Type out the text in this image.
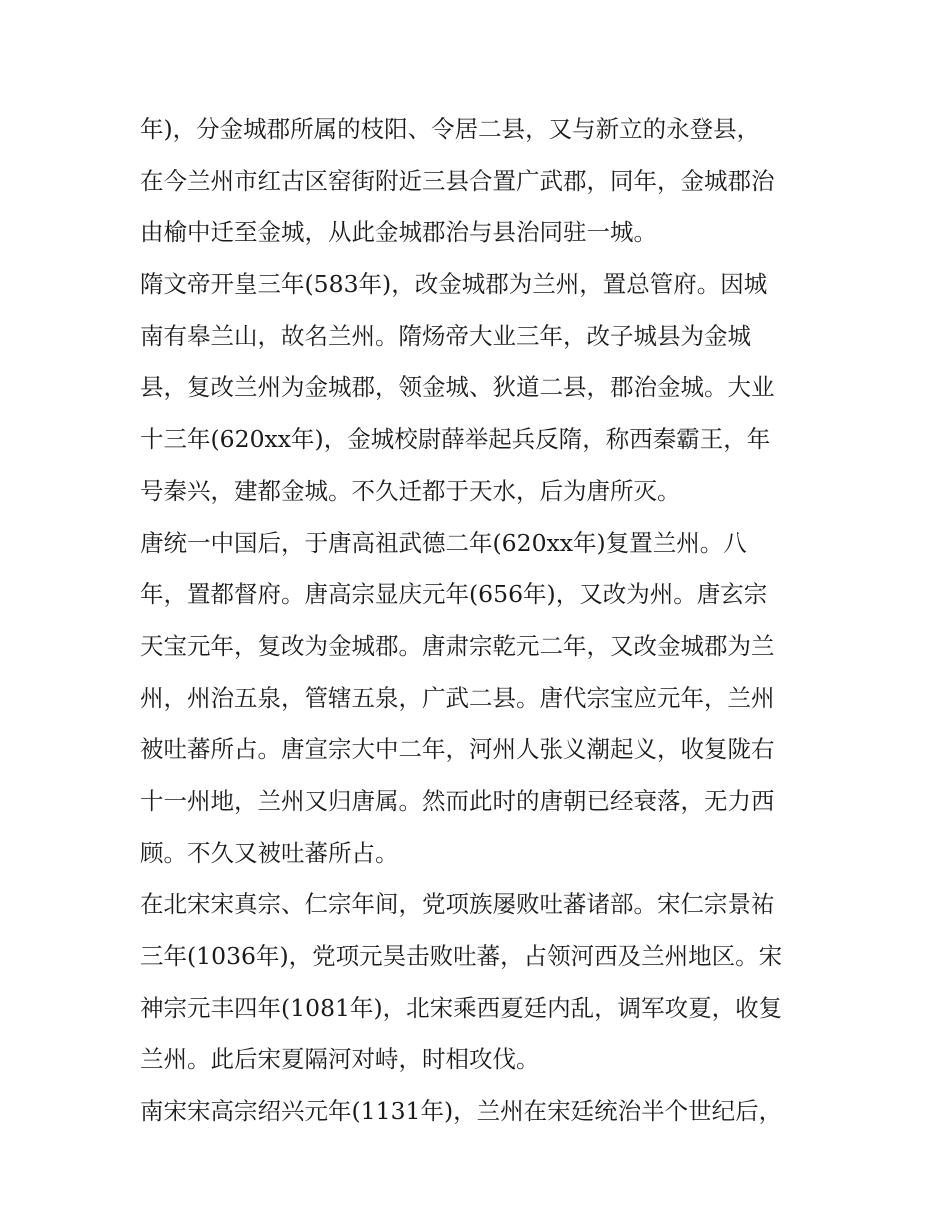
年)，分金城郡所属的枝阳、令居二县，又与新立的永登县，
在今兰州市红古区窑街附近三县合置广武郡，同年，金城郡治
由榆中迁至金城，从此金城郡治与县治同驻一城。
隋文帝开皇三年(583年)，改金城郡为兰州，置总管府。因城
南有皋兰山，故名兰州。隋炀帝大业三年，改子城县为金城
县，复改兰州为金城郡，领金城、狄道二县，郡治金城。大业
十三年(620xx年)，金城校尉薛举起兵反隋，称西秦霸王，年
号秦兴，建都金城。不久迁都于天水，后为唐所灭。
唐统一中国后，于唐高祖武德二年(620xx年)复置兰州。八
年，置都督府。唐高宗显庆元年(656年)，又改为州。唐玄宗
天宝元年，复改为金城郡。唐肃宗乾元二年，又改金城郡为兰
州，州治五泉，管辖五泉，广武二县。唐代宗宝应元年，兰州
被吐蕃所占。唐宣宗大中二年，河州人张义潮起义，收复陇右
十一州地，兰州又归唐属。然而此时的唐朝已经衰落，无力西
顾。不久又被吐蕃所占。
在北宋宋真宗、仁宗年间，党项族屡败吐蕃诸部。宋仁宗景祐
三年(1036年)，党项元昊击败吐蕃，占领河西及兰州地区。宋
神宗元丰四年(1081年)，北宋乘西夏廷内乱，调军攻夏，收复
兰州。此后宋夏隔河对峙，时相攻伐。
南宋宋高宗绍兴元年(1131年)，兰州在宋廷统治半个世纪后，
